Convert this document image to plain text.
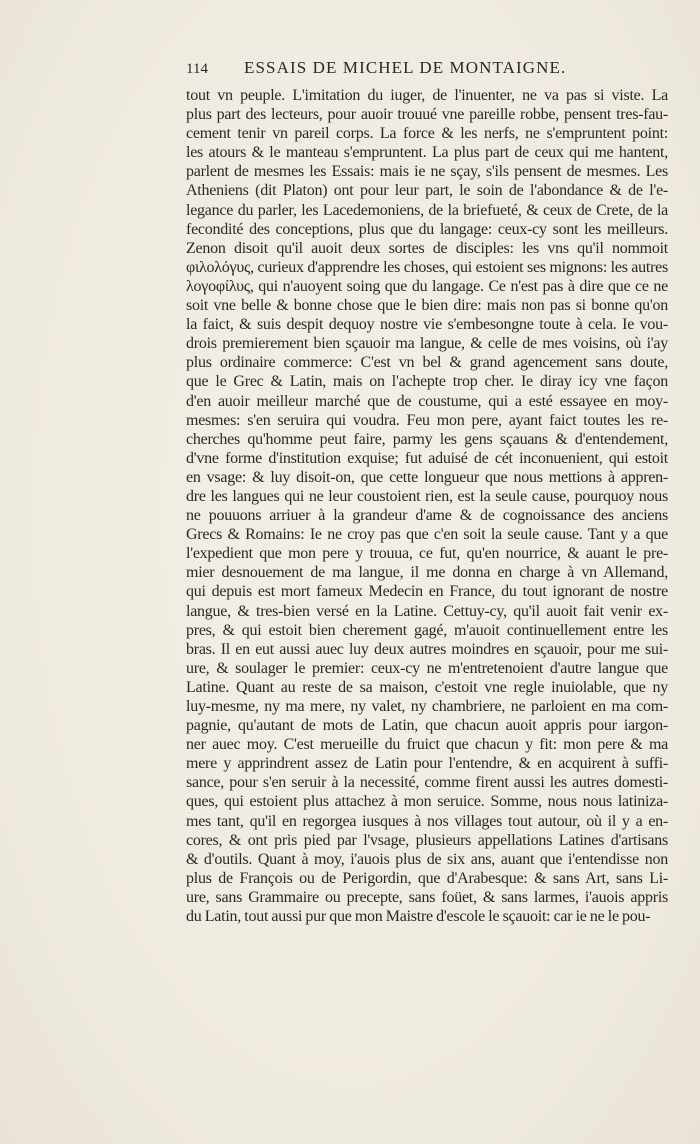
114 ESSAIS DE MICHEL DE MONTAIGNE.
tout vn peuple. L'imitation du iuger, de l'inuenter, ne va pas si viste. La
plus part des lecteurs, pour auoir trouué vne pareille robbe, pensent tres-fau-
cement tenir vn pareil corps. La force & les nerfs, ne s'empruntent point:
les atours & le manteau s'empruntent. La plus part de ceux qui me hantent,
parlent de mesmes les Essais: mais ie ne sçay, s'ils pensent de mesmes. Les
Atheniens (dit Platon) ont pour leur part, le soin de l'abondance & de l'e-
legance du parler, les Lacedemoniens, de la briefueté, & ceux de Crete, de la
fecondité des conceptions, plus que du langage: ceux-cy sont les meilleurs.
Zenon disoit qu'il auoit deux sortes de disciples: les vns qu'il nommoit
φιλολόγυς, curieux d'apprendre les choses, qui estoient ses mignons: les autres
λογοφίλυς, qui n'auoyent soing que du langage. Ce n'est pas à dire que ce ne
soit vne belle & bonne chose que le bien dire: mais non pas si bonne qu'on
la faict, & suis despit dequoy nostre vie s'embesongne toute à cela. Ie vou-
drois premierement bien sçauoir ma langue, & celle de mes voisins, où i'ay
plus ordinaire commerce: C'est vn bel & grand agencement sans doute,
que le Grec & Latin, mais on l'achepte trop cher. Ie diray icy vne façon
d'en auoir meilleur marché que de coustume, qui a esté essayee en moy-
mesmes: s'en seruira qui voudra. Feu mon pere, ayant faict toutes les re-
cherches qu'homme peut faire, parmy les gens sçauans & d'entendement,
d'vne forme d'institution exquise; fut aduisé de cét inconuenient, qui estoit
en vsage: & luy disoit-on, que cette longueur que nous mettions à appren-
dre les langues qui ne leur coustoient rien, est la seule cause, pourquoy nous
ne pouuons arriuer à la grandeur d'ame & de cognoissance des anciens
Grecs & Romains: Ie ne croy pas que c'en soit la seule cause. Tant y a que
l'expedient que mon pere y trouua, ce fut, qu'en nourrice, & auant le pre-
mier desnouement de ma langue, il me donna en charge à vn Allemand,
qui depuis est mort fameux Medecin en France, du tout ignorant de nostre
langue, & tres-bien versé en la Latine. Cettuy-cy, qu'il auoit fait venir ex-
pres, & qui estoit bien cherement gagé, m'auoit continuellement entre les
bras. Il en eut aussi auec luy deux autres moindres en sçauoir, pour me sui-
ure, & soulager le premier: ceux-cy ne m'entretenoient d'autre langue que
Latine. Quant au reste de sa maison, c'estoit vne regle inuiolable, que ny
luy-mesme, ny ma mere, ny valet, ny chambriere, ne parloient en ma com-
pagnie, qu'autant de mots de Latin, que chacun auoit appris pour iargon-
ner auec moy. C'est merueille du fruict que chacun y fit: mon pere & ma
mere y apprindrent assez de Latin pour l'entendre, & en acquirent à suffi-
sance, pour s'en seruir à la necessité, comme firent aussi les autres domesti-
ques, qui estoient plus attachez à mon seruice. Somme, nous nous latiniza-
mes tant, qu'il en regorgea iusques à nos villages tout autour, où il y a en-
cores, & ont pris pied par l'vsage, plusieurs appellations Latines d'artisans
& d'outils. Quant à moy, i'auois plus de six ans, auant que i'entendisse non
plus de François ou de Perigordin, que d'Arabesque: & sans Art, sans Li-
ure, sans Grammaire ou precepte, sans foüet, & sans larmes, i'auois appris
du Latin, tout aussi pur que mon Maistre d'escole le sçauoit: car ie ne le pou-
